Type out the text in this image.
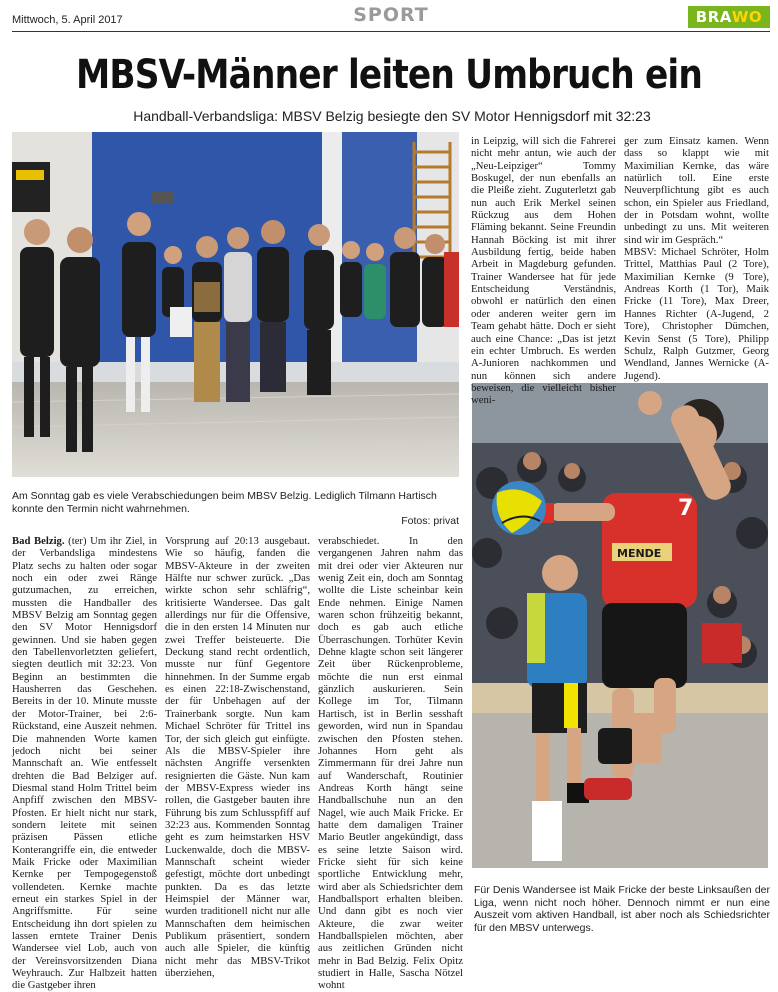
Mittwoch, 5. April 2017	SPORT	BRAWO
MBSV-Männer leiten Umbruch ein
Handball-Verbandsliga: MBSV Belzig besiegte den SV Motor Hennigsdorf mit 32:23
Am Sonntag gab es viele Verabschiedungen beim MBSV Belzig. Lediglich Tilmann Hartisch konnte den Termin nicht wahrnehmen.
Fotos: privat	7
MENDE
Für Denis Wandersee ist Maik Fricke der beste Linksaußen der Liga, wenn nicht noch höher. Dennoch nimmt er nun eine Auszeit vom aktiven Handball, ist aber noch als Schiedsrichter für den MBSV unterwegs.

Bad Belzig. (ter) Um ihr Ziel, in der Verbandsliga mindestens Platz sechs zu halten oder sogar noch ein oder zwei Ränge gutzumachen, zu erreichen, mussten die Handballer des MBSV Belzig am Sonntag gegen den SV Motor Hennigsdorf gewinnen. Und sie haben gegen den Tabellenvorletzten geliefert, siegten deutlich mit 32:23. Von Beginn an bestimmten die Hausherren das Geschehen. Bereits in der 10. Minute musste der Motor-Trainer, bei 2:6-Rückstand, eine Auszeit nehmen. Die mahnenden Worte kamen jedoch nicht bei seiner Mannschaft an. Wie entfesselt drehten die Bad Belziger auf. Diesmal stand Holm Trittel beim Anpfiff zwischen den MBSV-Pfosten. Er hielt nicht nur stark, sondern leitete mit seinen präzisen Pässen etliche Konterangriffe ein, die entweder Maik Fricke oder Maximilian Kernke per Tempogegenstoß vollendeten. Kernke machte erneut ein starkes Spiel in der Angriffsmitte. Für seine Entscheidung ihn dort spielen zu lassen erntete Trainer Denis Wandersee viel Lob, auch von der Vereinsvorsitzenden Diana Weyhrauch. Zur Halbzeit hatten die Gastgeber ihren

Vorsprung auf 20:13 ausgebaut. Wie so häufig, fanden die MBSV-Akteure in der zweiten Hälfte nur schwer zurück. „Das wirkte schon sehr schläfrig“, kritisierte Wandersee. Das galt allerdings nur für die Offensive, die in den ersten 14 Minuten nur zwei Treffer beisteuerte. Die Deckung stand recht ordentlich, musste nur fünf Gegentore hinnehmen. In der Summe ergab es einen 22:18-Zwischenstand, der für Unbehagen auf der Trainerbank sorgte. Nun kam Michael Schröter für Trittel ins Tor, der sich gleich gut einfügte. Als die MBSV-Spieler ihre nächsten Angriffe versenkten resignierten die Gäste. Nun kam der MBSV-Express wieder ins rollen, die Gastgeber bauten ihre Führung bis zum Schlusspfiff auf 32:23 aus. Kommenden Sonntag geht es zum heimstarken HSV Luckenwalde, doch die MBSV-Mannschaft scheint wieder gefestigt, möchte dort unbedingt punkten. Da es das letzte Heimspiel der Männer war, wurden traditionell nicht nur alle Mannschaften dem heimischen Publikum präsentiert, sondern auch alle Spieler, die künftig nicht mehr das MBSV-Trikot überziehen,

verabschiedet. In den vergangenen Jahren nahm das mit drei oder vier Akteuren nur wenig Zeit ein, doch am Sonntag wollte die Liste scheinbar kein Ende nehmen. Einige Namen waren schon frühzeitig bekannt, doch es gab auch etliche Überraschungen. Torhüter Kevin Dehne klagte schon seit längerer Zeit über Rückenprobleme, möchte die nun erst einmal gänzlich auskurieren. Sein Kollege im Tor, Tilmann Hartisch, ist in Berlin sesshaft geworden, wird nun in Spandau zwischen den Pfosten stehen. Johannes Horn geht als Zimmermann für drei Jahre nun auf Wanderschaft, Routinier Andreas Korth hängt seine Handballschuhe nun an den Nagel, wie auch Maik Fricke. Er hatte dem damaligen Trainer Mario Beutler angekündigt, dass es seine letzte Saison wird. Fricke sieht für sich keine sportliche Entwicklung mehr, wird aber als Schiedsrichter dem Handballsport erhalten bleiben. Und dann gibt es noch vier Akteure, die zwar weiter Handballspielen möchten, aber aus zeitlichen Gründen nicht mehr in Bad Belzig. Felix Opitz studiert in Halle, Sascha Nötzel wohnt

in Leipzig, will sich die Fahrerei nicht mehr antun, wie auch der „Neu-Leipziger“ Tommy Boskugel, der nun ebenfalls an die Pleiße zieht. Zuguterletzt gab nun auch Erik Merkel seinen Rückzug aus dem Hohen Fläming bekannt. Seine Freundin Hannah Böcking ist mit ihrer Ausbildung fertig, beide haben Arbeit in Magdeburg gefunden. Trainer Wandersee hat für jede Entscheidung Verständnis, obwohl er natürlich den einen oder anderen weiter gern im Team gehabt hätte. Doch er sieht auch eine Chance: „Das ist jetzt ein echter Umbruch. Es werden A-Junioren nachkommen und nun können sich andere beweisen, die vielleicht bisher weni-

ger zum Einsatz kamen. Wenn dass so klappt wie mit Maximilian Kernke, das wäre natürlich toll. Eine erste Neuverpflichtung gibt es auch schon, ein Spieler aus Friedland, der in Potsdam wohnt, wollte unbedingt zu uns. Mit weiteren sind wir im Gespräch.“

MBSV: Michael Schröter, Holm Trittel, Matthias Paul (2 Tore), Maximilian Kernke (9 Tore), Andreas Korth (1 Tor), Maik Fricke (11 Tore), Max Dreer, Hannes Richter (A-Jugend, 2 Tore), Christopher Dümchen, Kevin Senst (5 Tore), Philipp Schulz, Ralph Gutzmer, Georg Wendland, Jannes Wernicke (A-Jugend).
